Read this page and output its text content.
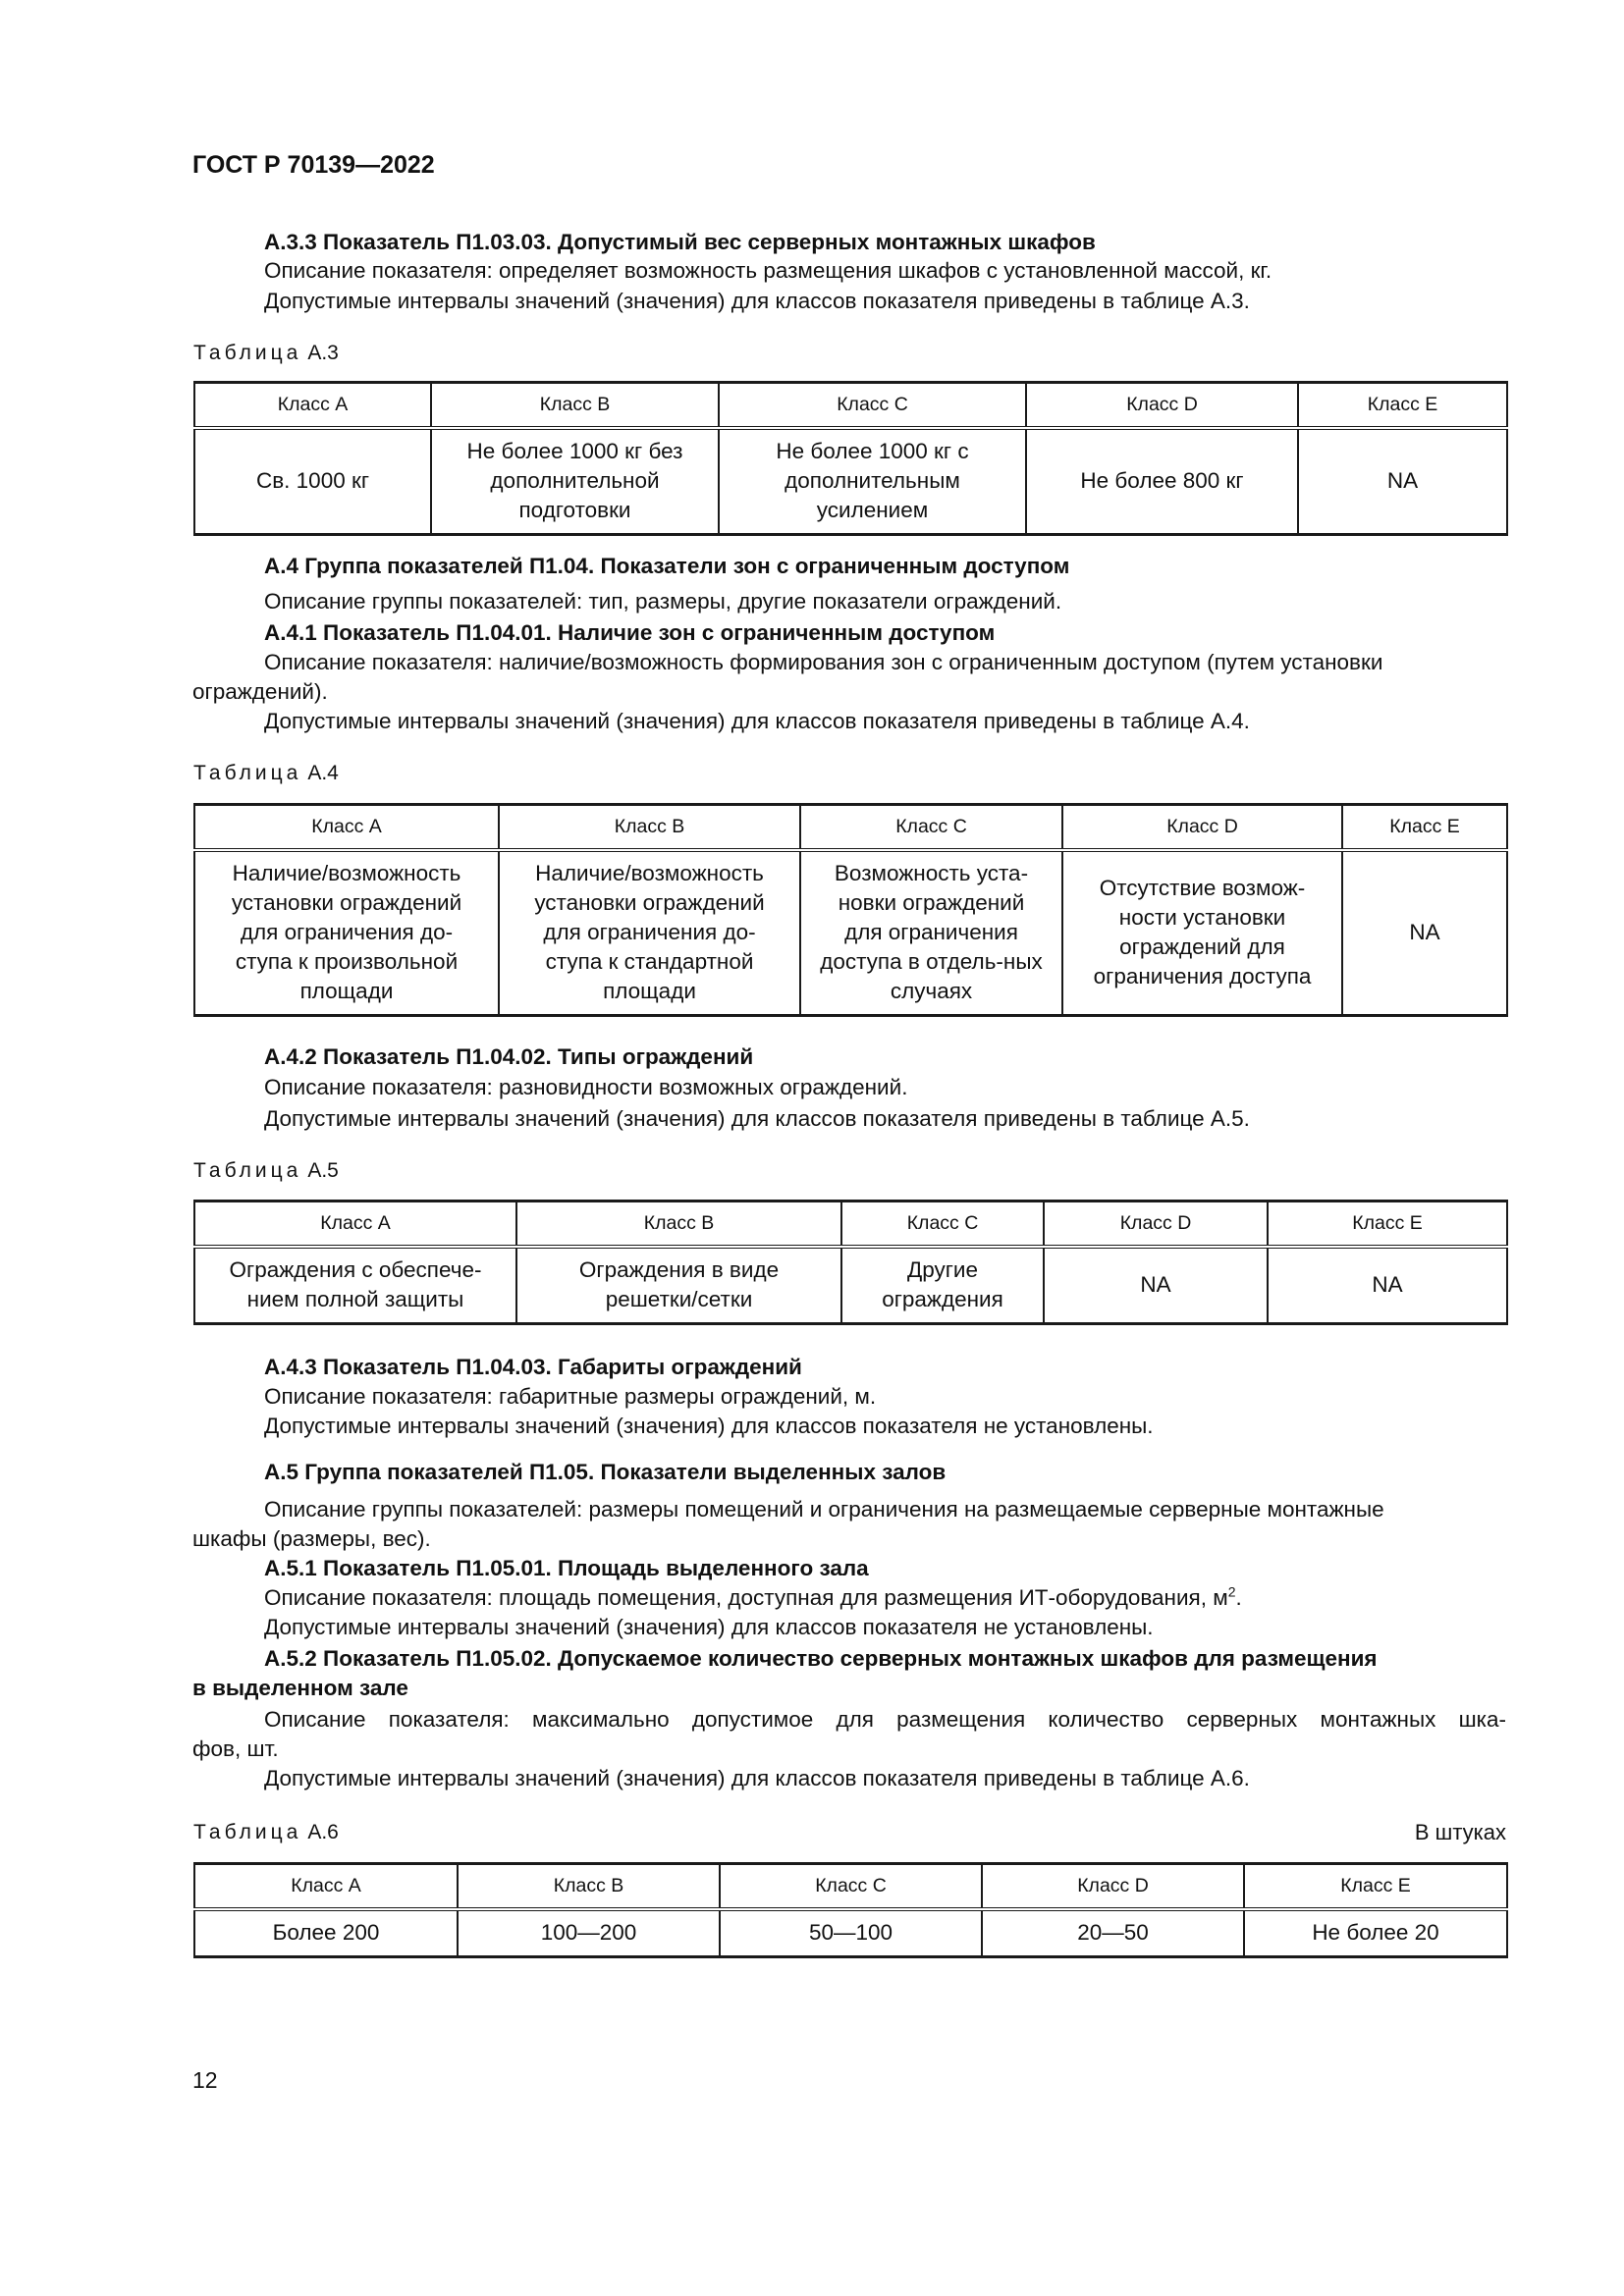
ГОСТ Р 70139—2022
А.3.3 Показатель П1.03.03. Допустимый вес серверных монтажных шкафов
Описание показателя: определяет возможность размещения шкафов с установленной массой, кг.
Допустимые интервалы значений (значения) для классов показателя приведены в таблице А.3.
Таблица А.3
Класс A	Класс B	Класс C	Класс D	Класс E
Св. 1000 кг	Не более 1000 кг без дополнительной подготовки	Не более 1000 кг с дополнительным усилением	Не более 800 кг	NA
А.4 Группа показателей П1.04. Показатели зон с ограниченным доступом
Описание группы показателей: тип, размеры, другие показатели ограждений.
А.4.1 Показатель П1.04.01. Наличие зон с ограниченным доступом
Описание показателя: наличие/возможность формирования зон с ограниченным доступом (путем установки
ограждений).
Допустимые интервалы значений (значения) для классов показателя приведены в таблице А.4.
Таблица А.4
Класс A	Класс B	Класс C	Класс D	Класс E
Наличие/возможность установки ограждений для ограничения до-ступа к произвольной площади	Наличие/возможность установки ограждений для ограничения до-ступа к стандартной площади	Возможность уста-новки ограждений для ограничения доступа в отдель-ных случаях	Отсутствие возмож-ности установки ограждений для ограничения доступа	NA
А.4.2 Показатель П1.04.02. Типы ограждений
Описание показателя: разновидности возможных ограждений.
Допустимые интервалы значений (значения) для классов показателя приведены в таблице А.5.
Таблица А.5
Класс A	Класс B	Класс C	Класс D	Класс E
Ограждения с обеспече-нием полной защиты	Ограждения в виде решетки/сетки	Другие ограждения	NA	NA
А.4.3 Показатель П1.04.03. Габариты ограждений
Описание показателя: габаритные размеры ограждений, м.
Допустимые интервалы значений (значения) для классов показателя не установлены.
А.5 Группа показателей П1.05. Показатели выделенных залов
Описание группы показателей: размеры помещений и ограничения на размещаемые серверные монтажные
шкафы (размеры, вес).
А.5.1 Показатель П1.05.01. Площадь выделенного зала
Описание показателя: площадь помещения, доступная для размещения ИТ-оборудования, $м^2$.
Допустимые интервалы значений (значения) для классов показателя не установлены.
А.5.2 Показатель П1.05.02. Допускаемое количество серверных монтажных шкафов для размещения
в выделенном зале
Описание показателя: максимально допустимое для размещения количество серверных монтажных шка-
фов, шт.
Допустимые интервалы значений (значения) для классов показателя приведены в таблице А.6.
Таблица А.6	В штуках
Класс A	Класс B	Класс C	Класс D	Класс E
Более 200	100—200	50—100	20—50	Не более 20
12
